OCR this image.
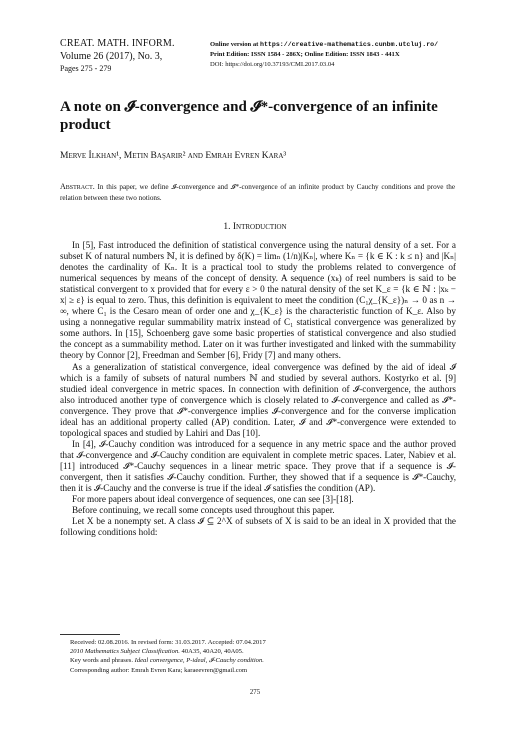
CREAT. MATH. INFORM.
Volume 26 (2017), No. 3,
Pages 275 - 279
Online version at https://creative-mathematics.cunbm.utcluj.ro/
Print Edition: ISSN 1584 - 286X; Online Edition: ISSN 1843 - 441X
DOI: https://doi.org/10.37193/CMI.2017.03.04
A note on 𝓘-convergence and 𝓘*-convergence of an infinite product
Merve İlkhan¹, Metin Başarir² and Emrah Evren Kara³
Abstract. In this paper, we define 𝓘-convergence and 𝓘*-convergence of an infinite product by Cauchy conditions and prove the relation between these two notions.
1. Introduction

In [5], Fast introduced the definition of statistical convergence using the natural density of a set. For a subset K of natural numbers ℕ, it is defined by δ(K) = limₙ (1/n)|Kₙ|, where Kₙ = {k ∈ K : k ≤ n} and |Kₙ| denotes the cardinality of Kₙ. It is a practical tool to study the problems related to convergence of numerical sequences by means of the concept of density. A sequence (xₖ) of reel numbers is said to be statistical convergent to x provided that for every ε > 0 the natural density of the set K_ε = {k ∈ ℕ : |xₖ − x| ≥ ε} is equal to zero. Thus, this definition is equivalent to meet the condition (C₁χ_{K_ε})ₙ → 0 as n → ∞, where C₁ is the Cesaro mean of order one and χ_{K_ε} is the characteristic function of K_ε. Also by using a nonnegative regular summability matrix instead of C₁ statistical convergence was generalized by some authors. In [15], Schoenberg gave some basic properties of statistical convergence and also studied the concept as a summability method. Later on it was further investigated and linked with the summability theory by Connor [2], Freedman and Sember [6], Fridy [7] and many others.

As a generalization of statistical convergence, ideal convergence was defined by the aid of ideal 𝓘 which is a family of subsets of natural numbers ℕ and studied by several authors. Kostyrko et al. [9] studied ideal convergence in metric spaces. In connection with definition of 𝓘-convergence, the authors also introduced another type of convergence which is closely related to 𝓘-convergence and called as 𝓘*-convergence. They prove that 𝓘*-convergence implies 𝓘-convergence and for the converse implication ideal has an additional property called (AP) condition. Later, 𝓘 and 𝓘*-convergence were extended to topological spaces and studied by Lahiri and Das [10].

In [4], 𝓘-Cauchy condition was introduced for a sequence in any metric space and the author proved that 𝓘-convergence and 𝓘-Cauchy condition are equivalent in complete metric spaces. Later, Nabiev et al. [11] introduced 𝓘*-Cauchy sequences in a linear metric space. They prove that if a sequence is 𝓘-convergent, then it satisfies 𝓘-Cauchy condition. Further, they showed that if a sequence is 𝓘*-Cauchy, then it is 𝓘-Cauchy and the converse is true if the ideal 𝓘 satisfies the condition (AP).

For more papers about ideal convergence of sequences, one can see [3]-[18].

Before continuing, we recall some concepts used throughout this paper.

Let X be a nonempty set. A class 𝓘 ⊆ 2^X of subsets of X is said to be an ideal in X provided that the following conditions hold:

Received: 02.08.2016. In revised form: 31.03.2017. Accepted: 07.04.2017
2010 Mathematics Subject Classification. 40A35, 40A20, 40A05.
Key words and phrases. Ideal convergence, P-ideal, 𝓘-Cauchy condition.
Corresponding author: Emrah Evren Kara; karaeevren@gmail.com
275
